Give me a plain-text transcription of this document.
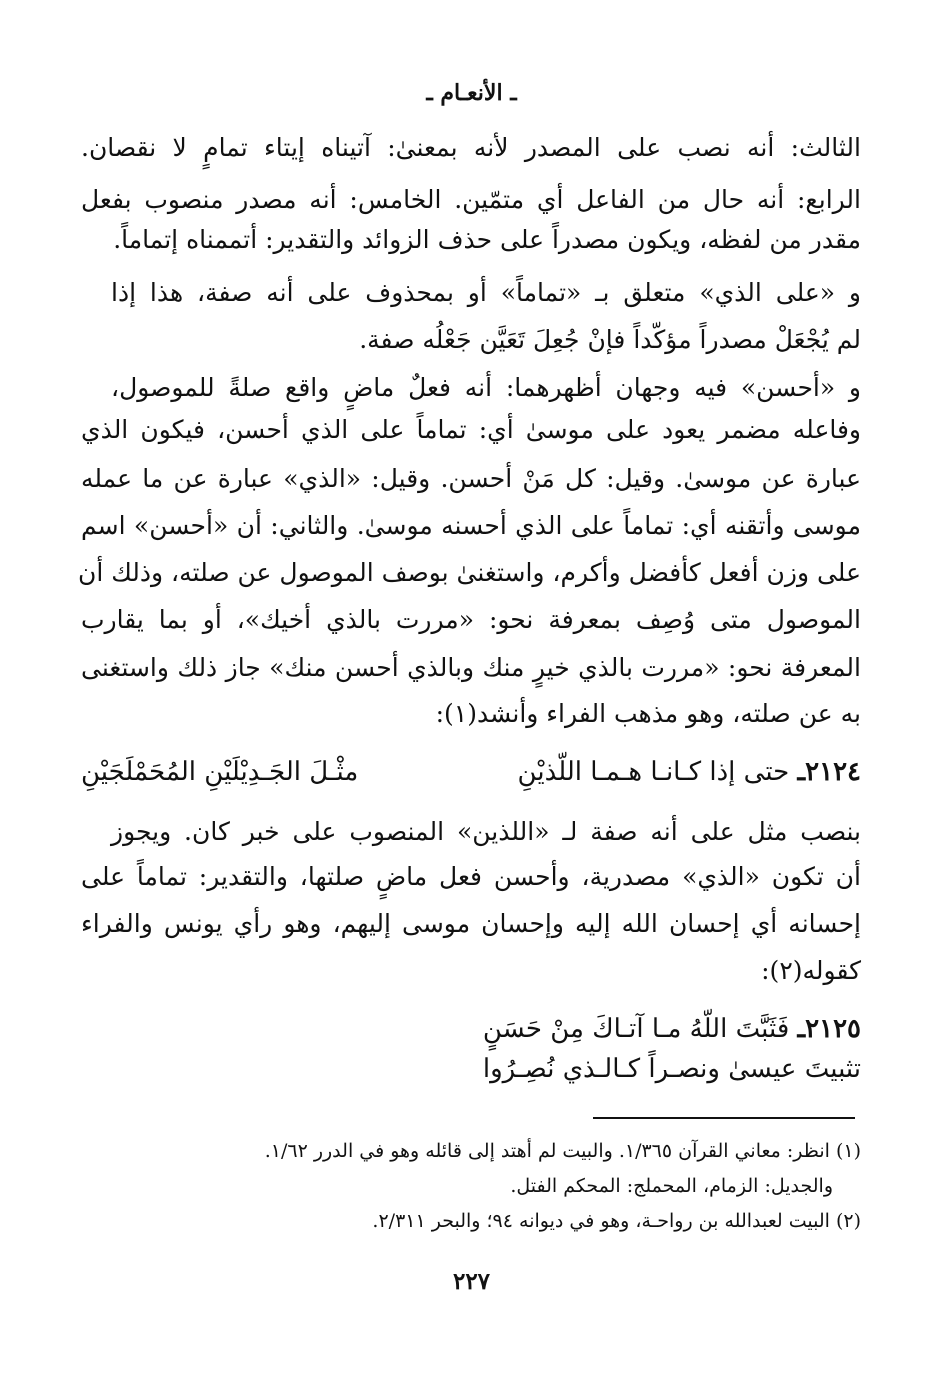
ـ الأنعـام ـ
الثالث: أنه نصب على المصدر لأنه بمعنىٰ: آتيناه إيتاء تمامٍ لا نقصان.
الرابع: أنه حال من الفاعل أي متمّين. الخامس: أنه مصدر منصوب بفعل
مقدر من لفظه، ويكون مصدراً على حذف الزوائد والتقدير: أتممناه إتماماً.
و «على الذي» متعلق بـ «تماماً» أو بمحذوف على أنه صفة، هذا إذا
لم يُجْعَلْ مصدراً مؤكّداً فإنْ جُعِلَ تَعَيَّن جَعْلُه صفة.
و «أحسن» فيه وجهان أظهرهما: أنه فعلٌ ماضٍ واقع صلةً للموصول،
وفاعله مضمر يعود على موسىٰ أي: تماماً على الذي أحسن، فيكون الذي
عبارة عن موسىٰ. وقيل: كل مَنْ أحسن. وقيل: «الذي» عبارة عن ما عمله
موسى وأتقنه أي: تماماً على الذي أحسنه موسىٰ. والثاني: أن «أحسن» اسم
على وزن أفعل كأفضل وأكرم، واستغنىٰ بوصف الموصول عن صلته، وذلك أن
الموصول متى وُصِف بمعرفة نحو: «مررت بالذي أخيك»، أو بما يقارب
المعرفة نحو: «مررت بالذي خيرٍ منك وبالذي أحسن منك» جاز ذلك واستغنى
به عن صلته، وهو مذهب الفراء وأنشد(١):
٢١٢٤ـ حتى إذا كـانـا هـمـا اللّذيْنِ
مثْـلَ الجَـدِيْلَيْنِ المُحَمْلَجَيْنِ
بنصب مثل على أنه صفة لـ «اللذين» المنصوب على خبر كان. ويجوز
أن تكون «الذي» مصدرية، وأحسن فعل ماضٍ صلتها، والتقدير: تماماً على
إحسانه أي إحسان الله إليه وإحسان موسى إليهم، وهو رأي يونس والفراء
كقوله(٢):
٢١٢٥ـ فَثَبَّتَ اللّهُ مـا آتـاكَ مِنْ حَسَنٍ
تثبيتَ عيسىٰ ونصـراً كـالـذي نُصِـرُوا
(١) انظر: معاني القرآن ١/٣٦٥. والبيت لم أهتد إلى قائله وهو في الدرر ١/٦٢.
والجديل: الزمام، المحملج: المحكم الفتل.
(٢) البيت لعبدالله بن رواحـة، وهو في ديوانه ٩٤؛ والبحر ٢/٣١١.
٢٢٧
